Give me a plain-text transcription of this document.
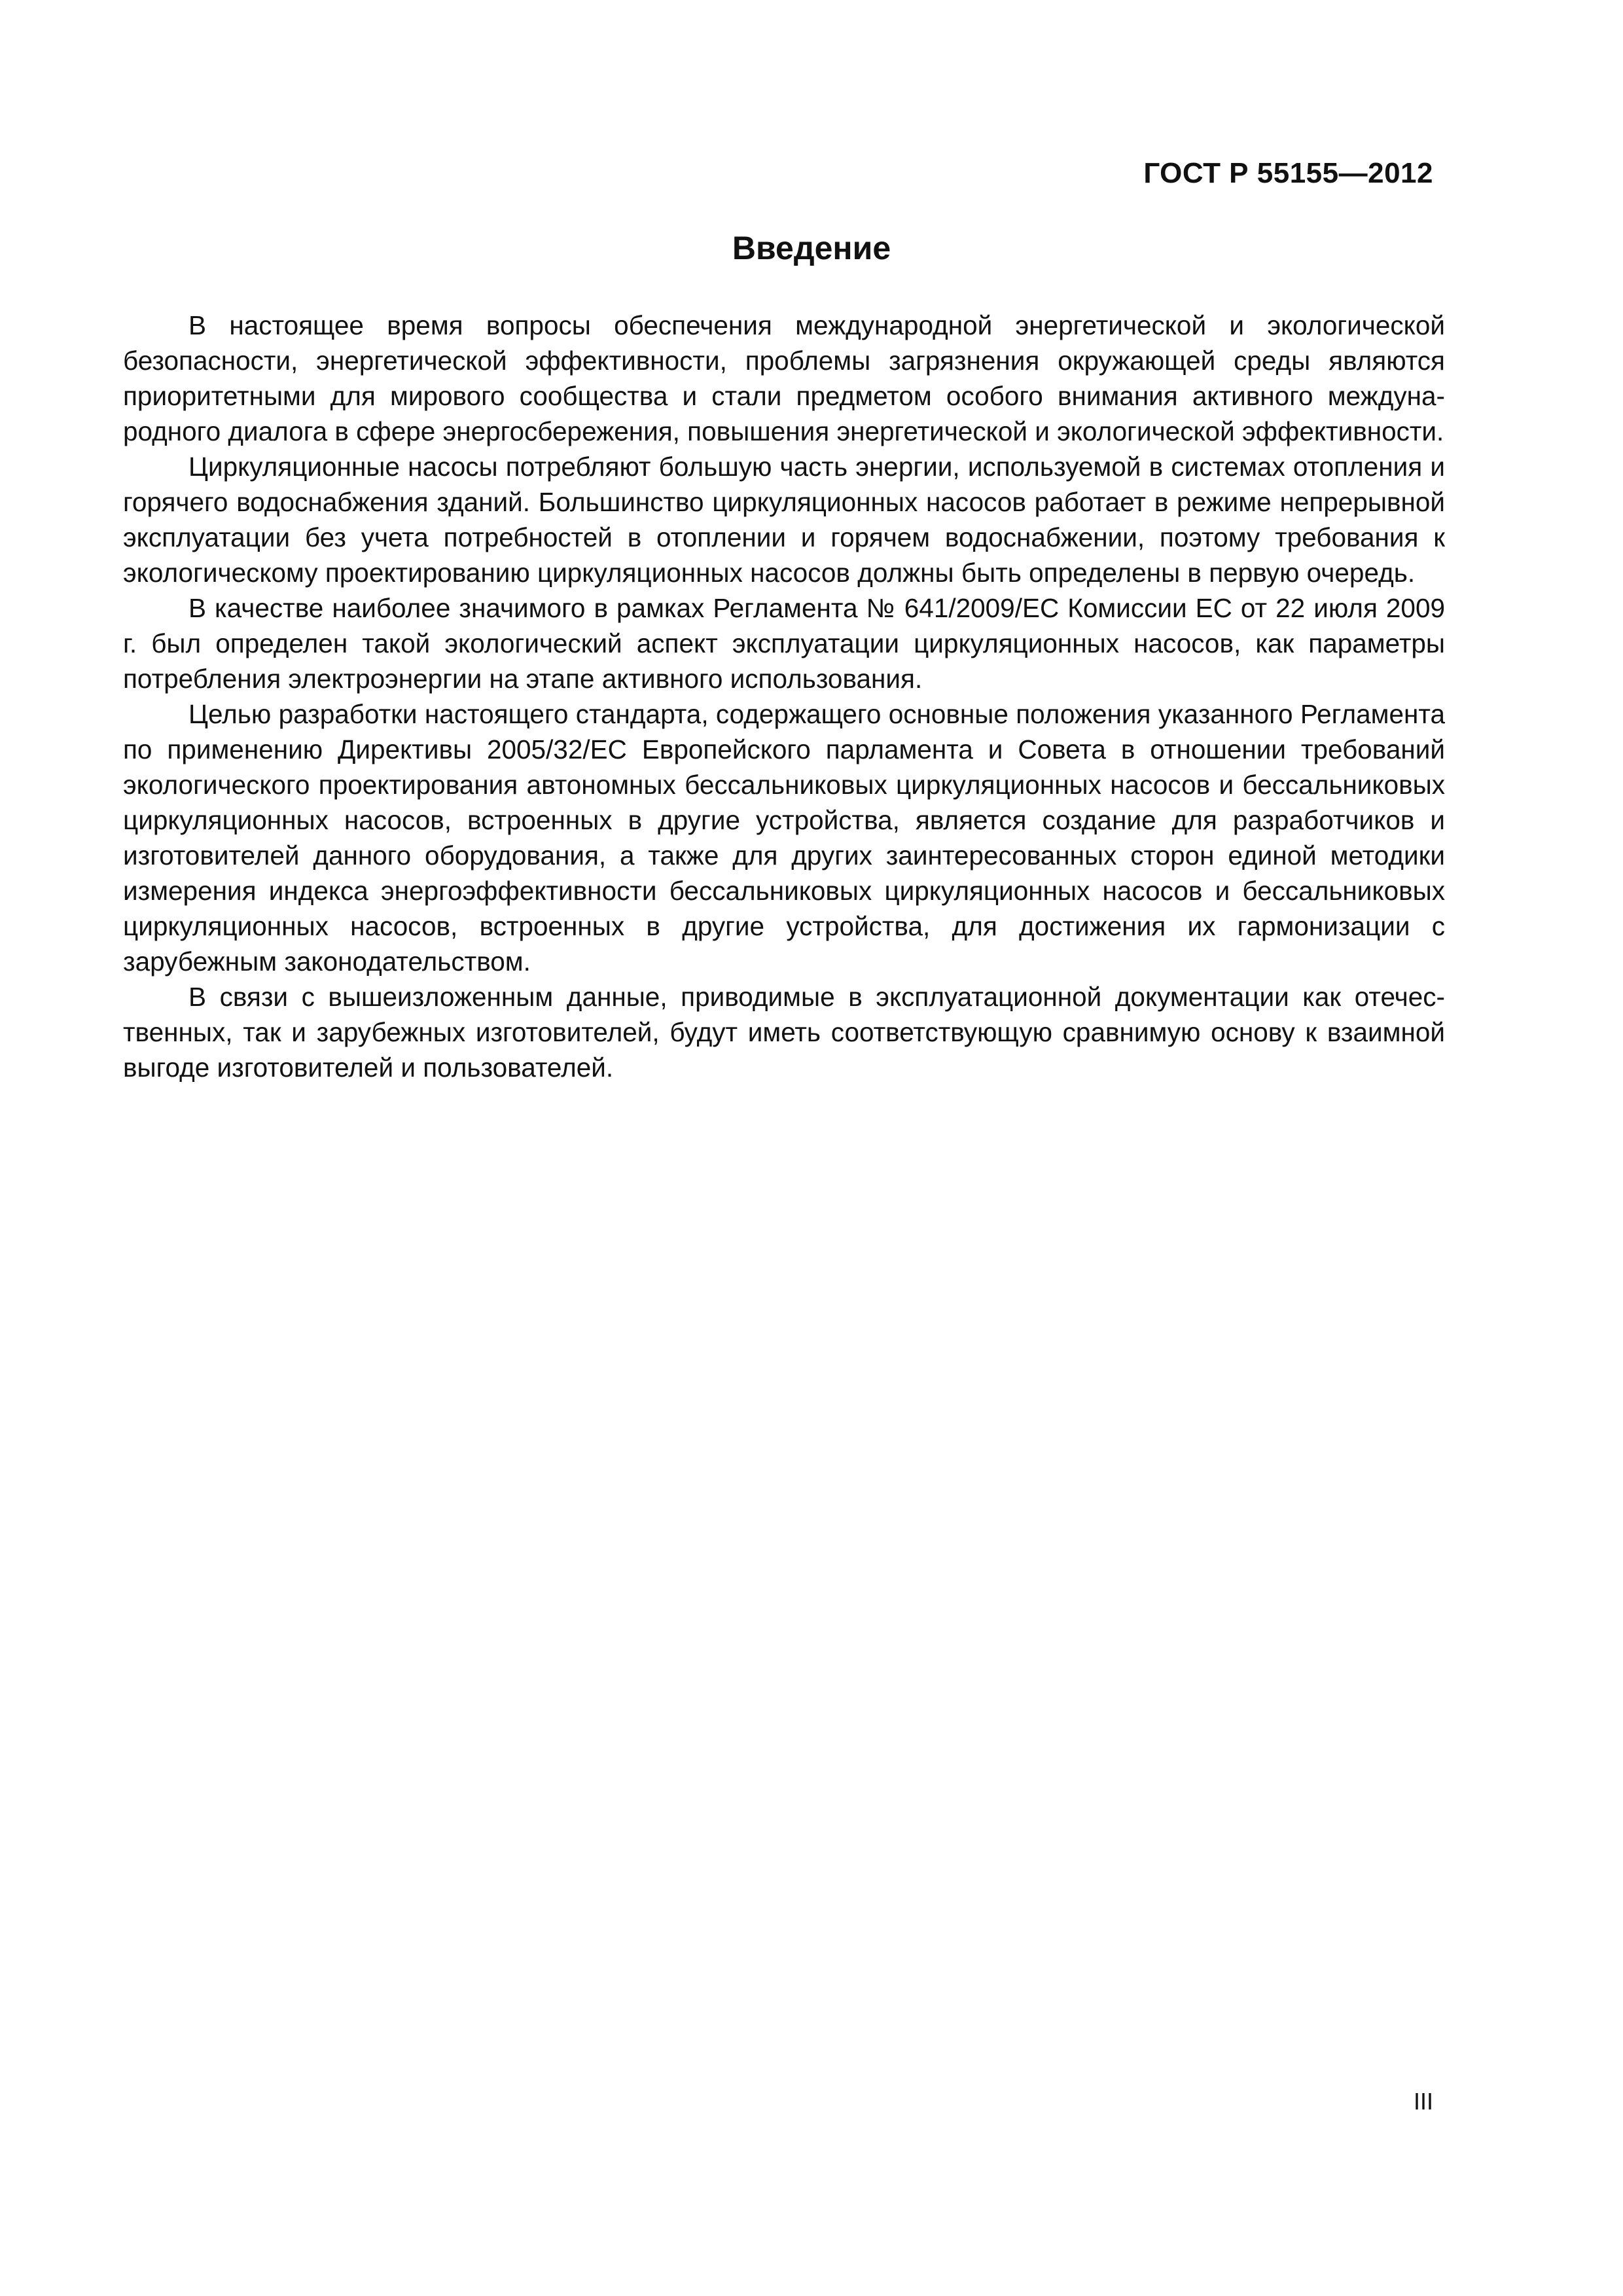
ГОСТ Р 55155—2012
Введение

В настоящее время вопросы обеспечения международной энергетической и экологической безопасности, энергетической эффективности, проблемы загрязнения окружающей среды являются приоритетными для мирового сообщества и стали предметом особого внимания активного международного диалога в сфере энергосбережения, повышения энергетической и экологической эффективности.

Циркуляционные насосы потребляют большую часть энергии, используемой в системах отопления и горячего водоснабжения зданий. Большинство циркуляционных насосов работает в режиме непрерывной эксплуатации без учета потребностей в отоплении и горячем водоснабжении, поэтому требования к экологическому проектированию циркуляционных насосов должны быть определены в первую очередь.

В качестве наиболее значимого в рамках Регламента № 641/2009/ЕС Комиссии ЕС от 22 июля 2009 г. был определен такой экологический аспект эксплуатации циркуляционных насосов, как параметры потребления электроэнергии на этапе активного использования.

Целью разработки настоящего стандарта, содержащего основные положения указанного Регламента по применению Директивы 2005/32/ЕС Европейского парламента и Совета в отношении требований экологического проектирования автономных бессальниковых циркуляционных насосов и бессальниковых циркуляционных насосов, встроенных в другие устройства, является создание для разработчиков и изготовителей данного оборудования, а также для других заинтересованных сторон единой методики измерения индекса энергоэффективности бессальниковых циркуляционных насосов и бессальниковых циркуляционных насосов, встроенных в другие устройства, для достижения их гармонизации с зарубежным законодательством.

В связи с вышеизложенным данные, приводимые в эксплуатационной документации как отечественных, так и зарубежных изготовителей, будут иметь соответствующую сравнимую основу к взаимной выгоде изготовителей и пользователей.

III
